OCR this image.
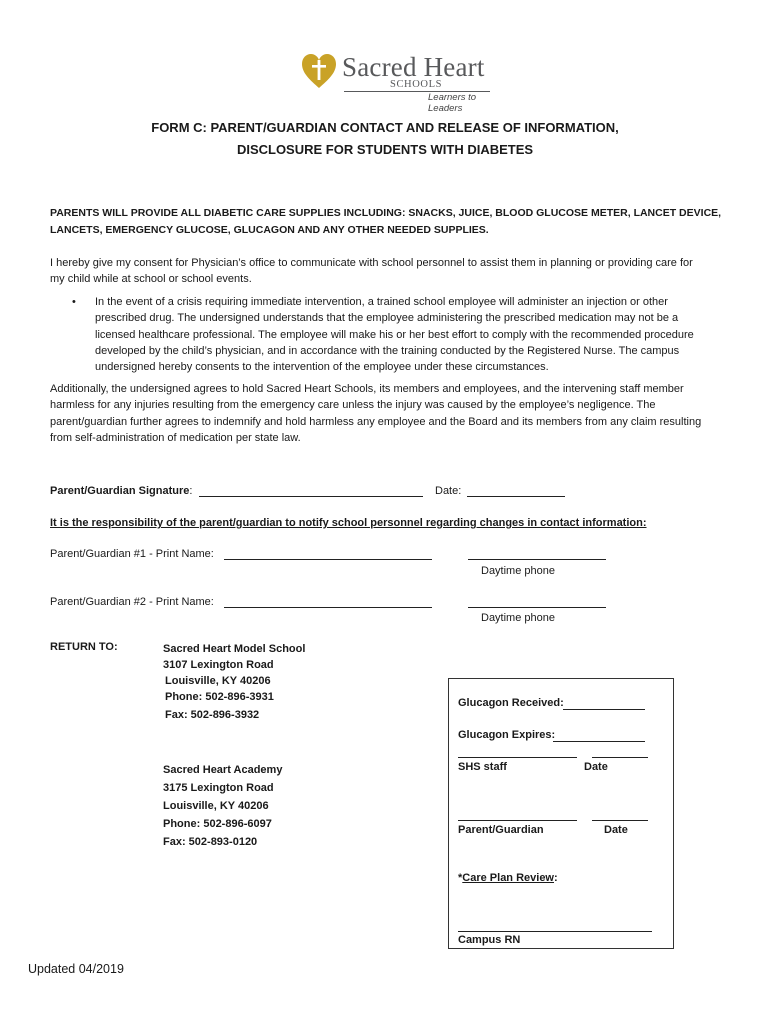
Sacred Heart
SCHOOLS
Learners to Leaders
FORM C: PARENT/GUARDIAN CONTACT AND RELEASE OF INFORMATION,
DISCLOSURE FOR STUDENTS WITH DIABETES
PARENTS WILL PROVIDE ALL DIABETIC CARE SUPPLIES INCLUDING: SNACKS, JUICE, BLOOD GLUCOSE METER, LANCET DEVICE,
LANCETS, EMERGENCY GLUCOSE, GLUCAGON AND ANY OTHER NEEDED SUPPLIES.
I hereby give my consent for Physician’s office to communicate with school personnel to assist them in planning or providing care for
my child while at school or school events.
• In the event of a crisis requiring immediate intervention, a trained school employee will administer an injection or other
prescribed drug. The undersigned understands that the employee administering the prescribed medication may not be a
licensed healthcare professional. The employee will make his or her best effort to comply with the recommended procedure
developed by the child’s physician, and in accordance with the training conducted by the Registered Nurse. The campus
undersigned hereby consents to the intervention of the employee under these circumstances.
Additionally, the undersigned agrees to hold Sacred Heart Schools, its members and employees, and the intervening staff member
harmless for any injuries resulting from the emergency care unless the injury was caused by the employee’s negligence. The
parent/guardian further agrees to indemnify and hold harmless any employee and the Board and its members from any claim resulting
from self-administration of medication per state law.
Parent/Guardian Signature:	Date:
It is the responsibility of the parent/guardian to notify school personnel regarding changes in contact information:
Parent/Guardian #1 - Print Name:
Daytime phone
Parent/Guardian #2 - Print Name:
Daytime phone
RETURN TO:	Sacred Heart Model School
3107 Lexington Road
Louisville, KY 40206
Phone: 502-896-3931
Fax: 502-896-3932
Sacred Heart Academy
3175 Lexington Road
Louisville, KY 40206
Phone: 502-896-6097
Fax: 502-893-0120
Glucagon Received:
Glucagon Expires:
SHS staff	Date
Parent/Guardian	Date
*Care Plan Review:
Campus RN
Updated 04/2019
